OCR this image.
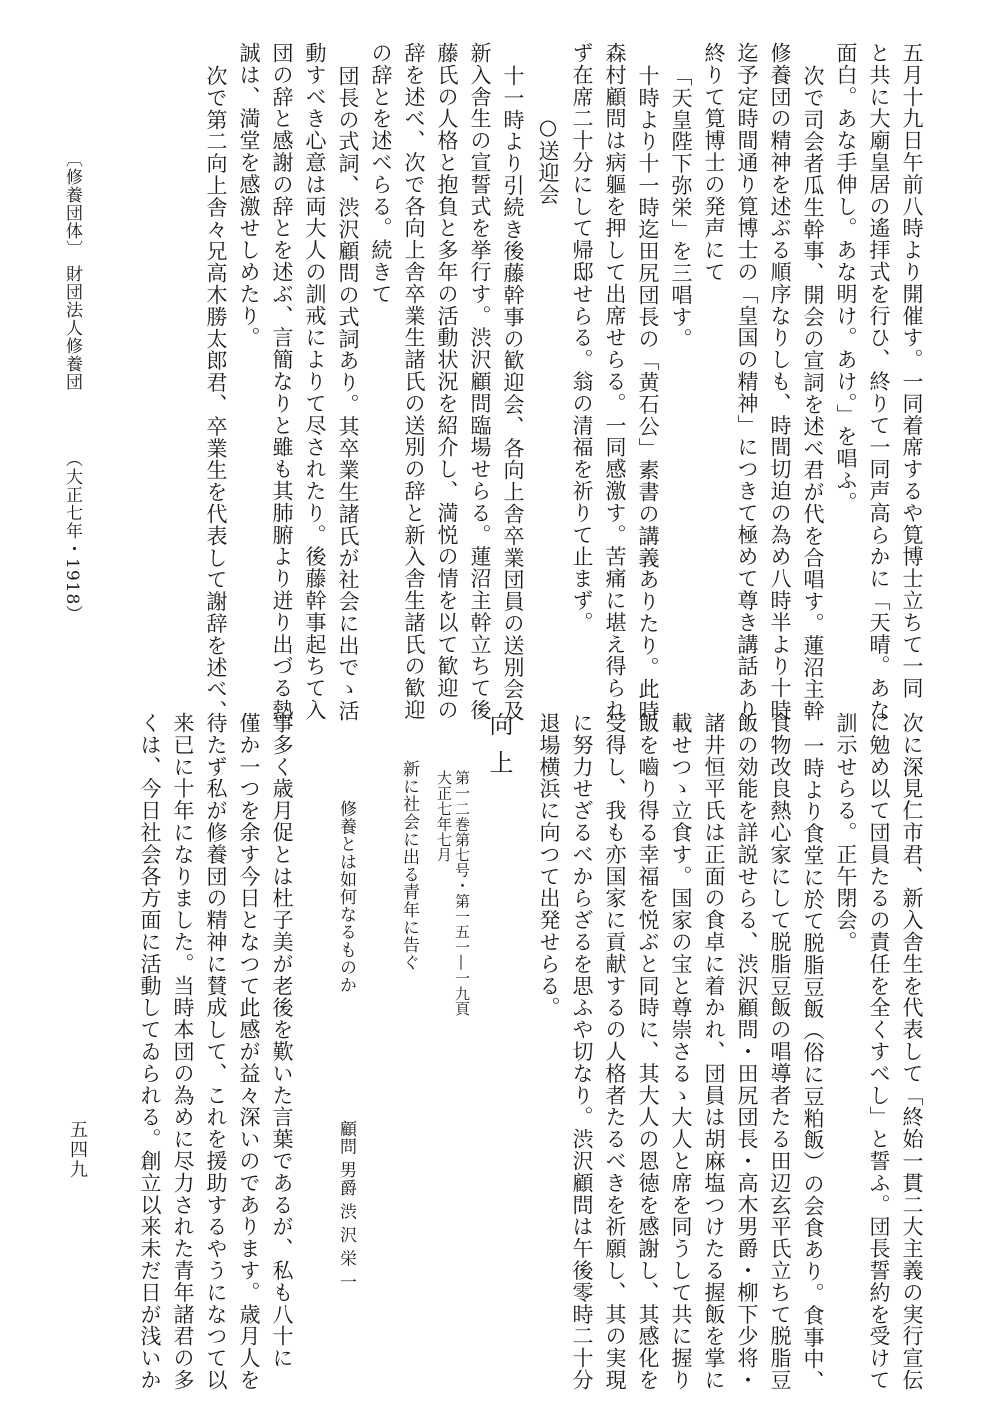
五月十九日午前八時より開催す。一同着席するや筧博士立ちて一同
と共に大廟皇居の遙拝式を行ひ、終りて一同声高らかに「天晴。あな
面白。あな手伸し。あな明け。あけ。」を唱ふ。
次で司会者瓜生幹事、開会の宣詞を述べ君が代を合唱す。蓮沼主幹
修養団の精神を述ぶる順序なりしも、時間切迫の為め八時半より十時
迄予定時間通り筧博士の「皇国の精神」につきて極めて尊き講話あり
終りて筧博士の発声にて
「天皇陛下弥栄」を三唱す。
十時より十一時迄田尻団長の「黄石公」素書の講義ありたり。此時
森村顧問は病軀を押して出席せらる。一同感激す。苦痛に堪え得られ
ず在席二十分にして帰邸せらる。翁の清福を祈りて止まず。
○送迎会
十一時より引続き後藤幹事の歓迎会、各向上舎卒業団員の送別会及
新入舎生の宣誓式を挙行す。渋沢顧問臨場せらる。蓮沼主幹立ちて後
藤氏の人格と抱負と多年の活動状況を紹介し、満悦の情を以て歓迎の
辞を述べ、次で各向上舎卒業生諸氏の送別の辞と新入舎生諸氏の歓迎
の辞とを述べらる。続きて
団長の式詞、渋沢顧問の式詞あり。其卒業生諸氏が社会に出でゝ活
動すべき心意は両大人の訓戒によりて尽されたり。後藤幹事起ちて入
団の辞と感謝の辞とを述ぶ、言簡なりと雖も其肺腑より迸り出づる熱
誠は、満堂を感激せしめたり。
次で第二向上舎々兄高木勝太郎君、卒業生を代表して謝辞を述べ、
次に深見仁市君、新入舎生を代表して「終始一貫二大主義の実行宣伝
に勉め以て団員たるの責任を全くすべし」と誓ふ。団長誓約を受けて
訓示せらる。正午閉会。
一時より食堂に於て脱脂豆飯（俗に豆粕飯）の会食あり。食事中、
食物改良熱心家にして脱脂豆飯の唱導者たる田辺玄平氏立ちて脱脂豆
飯の効能を詳説せらる、渋沢顧問・田尻団長・高木男爵・柳下少将・
諸井恒平氏は正面の食卓に着かれ、団員は胡麻塩つけたる握飯を掌に
載せつゝ立食す。国家の宝と尊崇さるゝ大人と席を同うして共に握り
飯を嚙り得る幸福を悦ぶと同時に、其大人の恩徳を感謝し、其感化を
受得し、我も亦国家に貢献するの人格者たるべきを祈願し、其の実現
に努力せざるべからざるを思ふや切なり。渋沢顧問は午後零時二十分
退場横浜に向つて出発せらる。
向上
第一二巻第七号・第一五一―一九頁
大正七年七月
新に社会に出る青年に告ぐ
修養とは如何なるものか
顧問 男爵 渋 沢 栄 一
事多く歳月促とは杜子美が老後を歎いた言葉であるが、私も八十に
僅か一つを余す今日となつて此感が益々深いのであります。歳月人を
待たず私が修養団の精神に賛成して、これを援助するやうになつて以
来已に十年になりました。当時本団の為めに尽力された青年諸君の多
くは、今日社会各方面に活動してゐられる。創立以来未だ日が浅いか
〔修養団体〕
財団法人修養団
（大正七年・1918）
五四九
